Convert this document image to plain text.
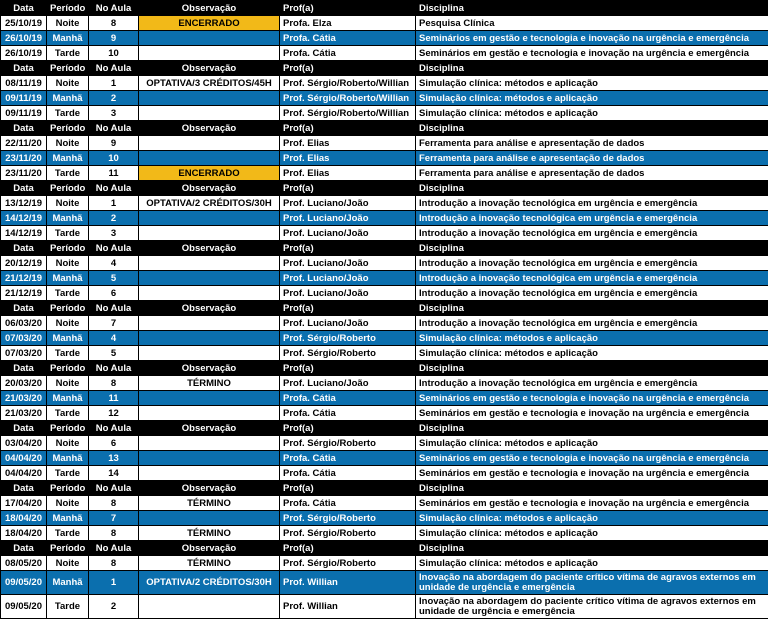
Data	Período	No Aula	Observação	Prof(a)	Disciplina
25/10/19	Noite	8	ENCERRADO	Profa. Elza	Pesquisa Clínica
26/10/19	Manhã	9		Profa. Cátia	Seminários em gestão e tecnologia e inovação na urgência e emergência
26/10/19	Tarde	10		Profa. Cátia	Seminários em gestão e tecnologia e inovação na urgência e emergência
Data	Período	No Aula	Observação	Prof(a)	Disciplina
08/11/19	Noite	1	OPTATIVA/3 CRÉDITOS/45H	Prof. Sérgio/Roberto/Willian	Simulação clínica: métodos e aplicação
09/11/19	Manhã	2		Prof. Sérgio/Roberto/Willian	Simulação clínica: métodos e aplicação
09/11/19	Tarde	3		Prof. Sérgio/Roberto/Willian	Simulação clínica: métodos e aplicação
Data	Período	No Aula	Observação	Prof(a)	Disciplina
22/11/20	Noite	9		Prof. Elias	Ferramenta para análise e apresentação de dados
23/11/20	Manhã	10		Prof. Elias	Ferramenta para análise e apresentação de dados
23/11/20	Tarde	11	ENCERRADO	Prof. Elias	Ferramenta para análise e apresentação de dados
Data	Período	No Aula	Observação	Prof(a)	Disciplina
13/12/19	Noite	1	OPTATIVA/2 CRÉDITOS/30H	Prof. Luciano/João	Introdução a inovação tecnológica em urgência e emergência
14/12/19	Manhã	2		Prof. Luciano/João	Introdução a inovação tecnológica em urgência e emergência
14/12/19	Tarde	3		Prof. Luciano/João	Introdução a inovação tecnológica em urgência e emergência
Data	Período	No Aula	Observação	Prof(a)	Disciplina
20/12/19	Noite	4		Prof. Luciano/João	Introdução a inovação tecnológica em urgência e emergência
21/12/19	Manhã	5		Prof. Luciano/João	Introdução a inovação tecnológica em urgência e emergência
21/12/19	Tarde	6		Prof. Luciano/João	Introdução a inovação tecnológica em urgência e emergência
Data	Período	No Aula	Observação	Prof(a)	Disciplina
06/03/20	Noite	7		Prof. Luciano/João	Introdução a inovação tecnológica em urgência e emergência
07/03/20	Manhã	4		Prof. Sérgio/Roberto	Simulação clínica: métodos e aplicação
07/03/20	Tarde	5		Prof. Sérgio/Roberto	Simulação clínica: métodos e aplicação
Data	Período	No Aula	Observação	Prof(a)	Disciplina
20/03/20	Noite	8	TÉRMINO	Prof. Luciano/João	Introdução a inovação tecnológica em urgência e emergência
21/03/20	Manhã	11		Profa. Cátia	Seminários em gestão e tecnologia e inovação na urgência e emergência
21/03/20	Tarde	12		Profa. Cátia	Seminários em gestão e tecnologia e inovação na urgência e emergência
Data	Período	No Aula	Observação	Prof(a)	Disciplina
03/04/20	Noite	6		Prof. Sérgio/Roberto	Simulação clínica: métodos e aplicação
04/04/20	Manhã	13		Profa. Cátia	Seminários em gestão e tecnologia e inovação na urgência e emergência
04/04/20	Tarde	14		Profa. Cátia	Seminários em gestão e tecnologia e inovação na urgência e emergência
Data	Período	No Aula	Observação	Prof(a)	Disciplina
17/04/20	Noite	8	TÉRMINO	Profa. Cátia	Seminários em gestão e tecnologia e inovação na urgência e emergência
18/04/20	Manhã	7		Prof. Sérgio/Roberto	Simulação clínica: métodos e aplicação
18/04/20	Tarde	8	TÉRMINO	Prof. Sérgio/Roberto	Simulação clínica: métodos e aplicação
Data	Período	No Aula	Observação	Prof(a)	Disciplina
08/05/20	Noite	8	TÉRMINO	Prof. Sérgio/Roberto	Simulação clínica: métodos e aplicação
09/05/20	Manhã	1	OPTATIVA/2 CRÉDITOS/30H	Prof. Willian	Inovação na abordagem do paciente crítico vítima de agravos externos em unidade de urgência e emergência
09/05/20	Tarde	2		Prof. Willian	Inovação na abordagem do paciente crítico vítima de agravos externos em unidade de urgência e emergência
